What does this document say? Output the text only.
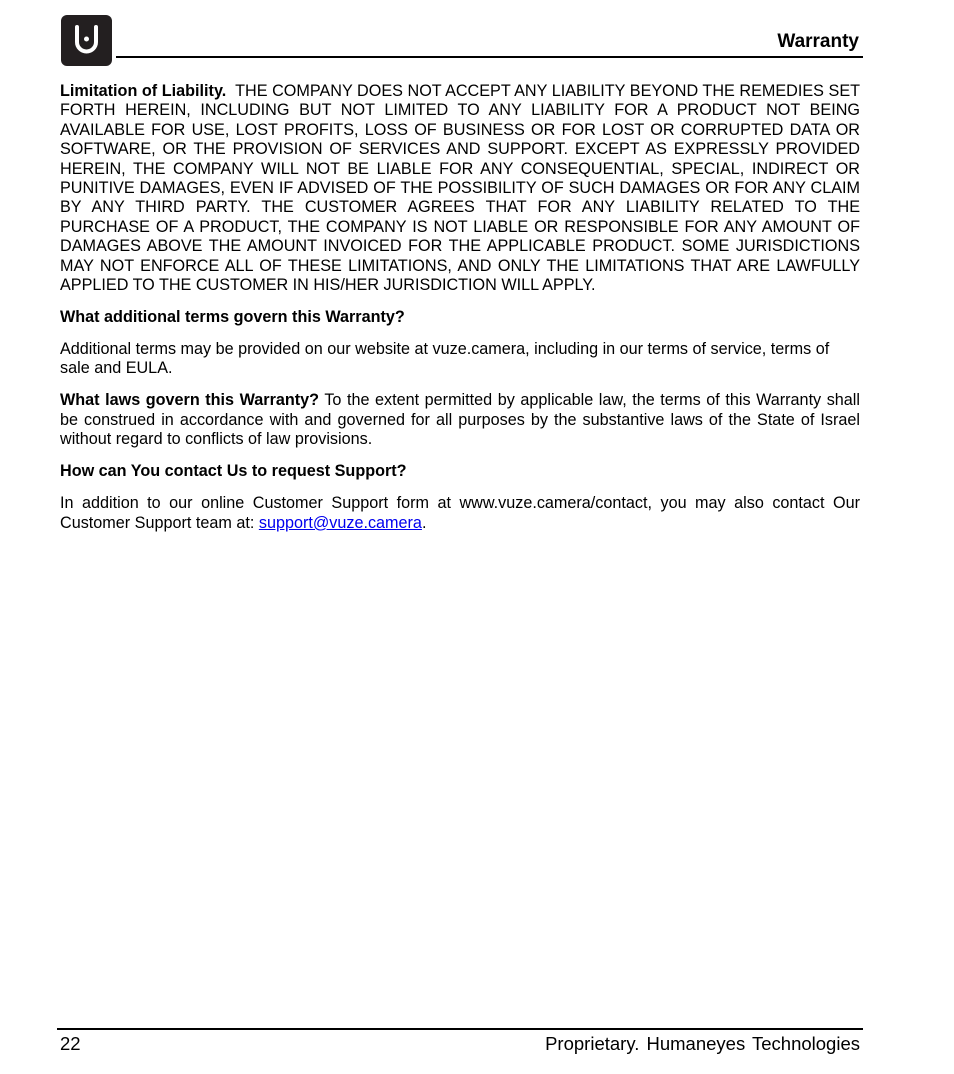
Warranty

Limitation of Liability. THE COMPANY DOES NOT ACCEPT ANY LIABILITY BEYOND THE REMEDIES SET FORTH HEREIN, INCLUDING BUT NOT LIMITED TO ANY LIABILITY FOR A PRODUCT NOT BEING AVAILABLE FOR USE, LOST PROFITS, LOSS OF BUSINESS OR FOR LOST OR CORRUPTED DATA OR SOFTWARE, OR THE PROVISION OF SERVICES AND SUPPORT. EXCEPT AS EXPRESSLY PROVIDED HEREIN, THE COMPANY WILL NOT BE LIABLE FOR ANY CONSEQUENTIAL, SPECIAL, INDIRECT OR PUNITIVE DAMAGES, EVEN IF ADVISED OF THE POSSIBILITY OF SUCH DAMAGES OR FOR ANY CLAIM BY ANY THIRD PARTY. THE CUSTOMER AGREES THAT FOR ANY LIABILITY RELATED TO THE PURCHASE OF A PRODUCT, THE COMPANY IS NOT LIABLE OR RESPONSIBLE FOR ANY AMOUNT OF DAMAGES ABOVE THE AMOUNT INVOICED FOR THE APPLICABLE PRODUCT. SOME JURISDICTIONS MAY NOT ENFORCE ALL OF THESE LIMITATIONS, AND ONLY THE LIMITATIONS THAT ARE LAWFULLY APPLIED TO THE CUSTOMER IN HIS/HER JURISDICTION WILL APPLY.

What additional terms govern this Warranty?

Additional terms may be provided on our website at vuze.camera, including in our terms of service, terms of sale and EULA.

What laws govern this Warranty? To the extent permitted by applicable law, the terms of this Warranty shall be construed in accordance with and governed for all purposes by the substantive laws of the State of Israel without regard to conflicts of law provisions.

How can You contact Us to request Support?

In addition to our online Customer Support form at www.vuze.camera/contact, you may also contact Our Customer Support team at: support@vuze.camera.

22	Proprietary. Humaneyes Technologies
